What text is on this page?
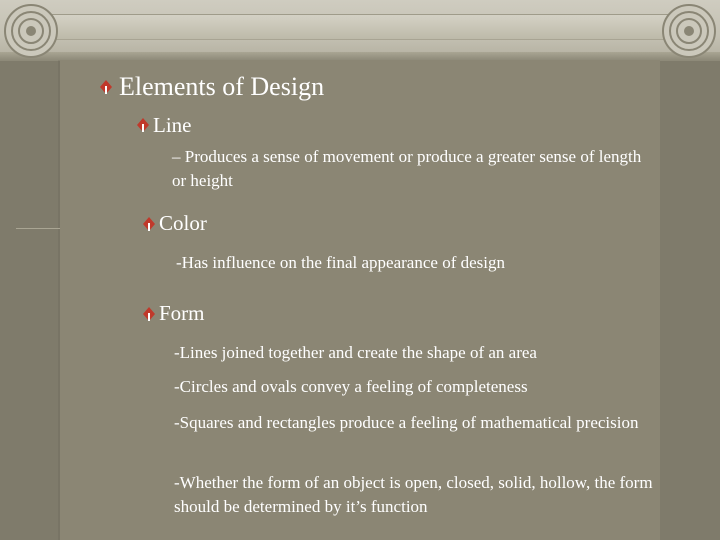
Elements of Design
Line
– Produces a sense of movement or produce a greater sense of length or height
Color
-Has influence on the final appearance of design
Form
-Lines joined together and create the shape of an area
-Circles and ovals convey a feeling of completeness
-Squares and rectangles produce a feeling of mathematical precision
-Whether the form of an object is open, closed, solid, hollow, the form should be determined by it’s function
